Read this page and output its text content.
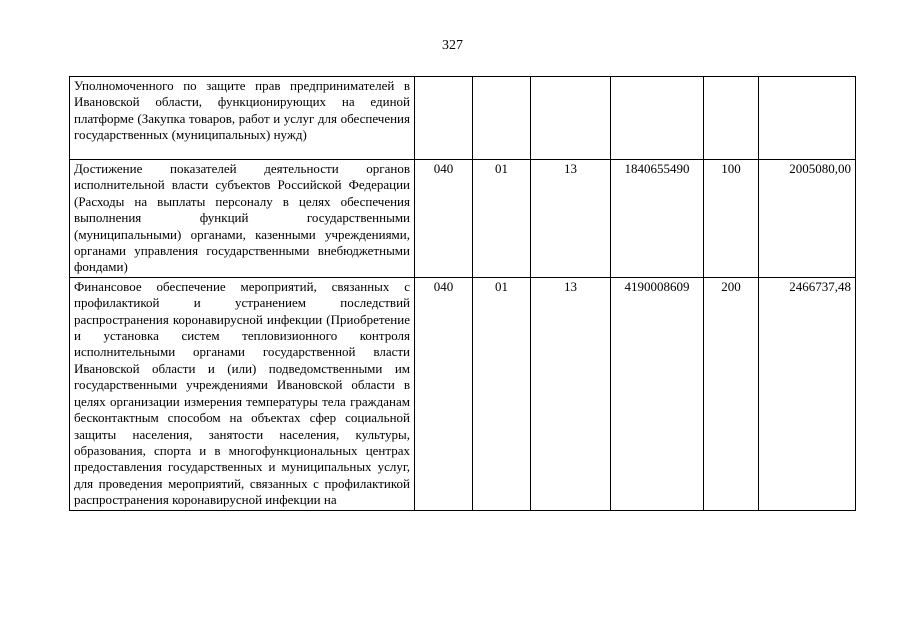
327
Уполномоченного по защите прав предпринимателей в Ивановской области, функционирующих на единой платформе (Закупка товаров, работ и услуг для обеспечения государственных (муниципальных) нужд)						
Достижение показателей деятельности органов исполнительной власти субъектов Российской Федерации (Расходы на выплаты персоналу в целях обеспечения выполнения функций государственными (муниципальными) органами, казенными учреждениями, органами управления государственными внебюджетными фондами)	040	01	13	1840655490	100	2005080,00
Финансовое обеспечение мероприятий, связанных с профилактикой и устранением последствий распространения коронавирусной инфекции (Приобретение и установка систем тепловизионного контроля исполнительными органами государственной власти Ивановской области и (или) подведомственными им государственными учреждениями Ивановской области в целях организации измерения температуры тела гражданам бесконтактным способом на объектах сфер социальной защиты населения, занятости населения, культуры, образования, спорта и в многофункциональных центрах предоставления государственных и муниципальных услуг, для проведения мероприятий, связанных с профилактикой распространения коронавирусной инфекции на	040	01	13	4190008609	200	2466737,48
